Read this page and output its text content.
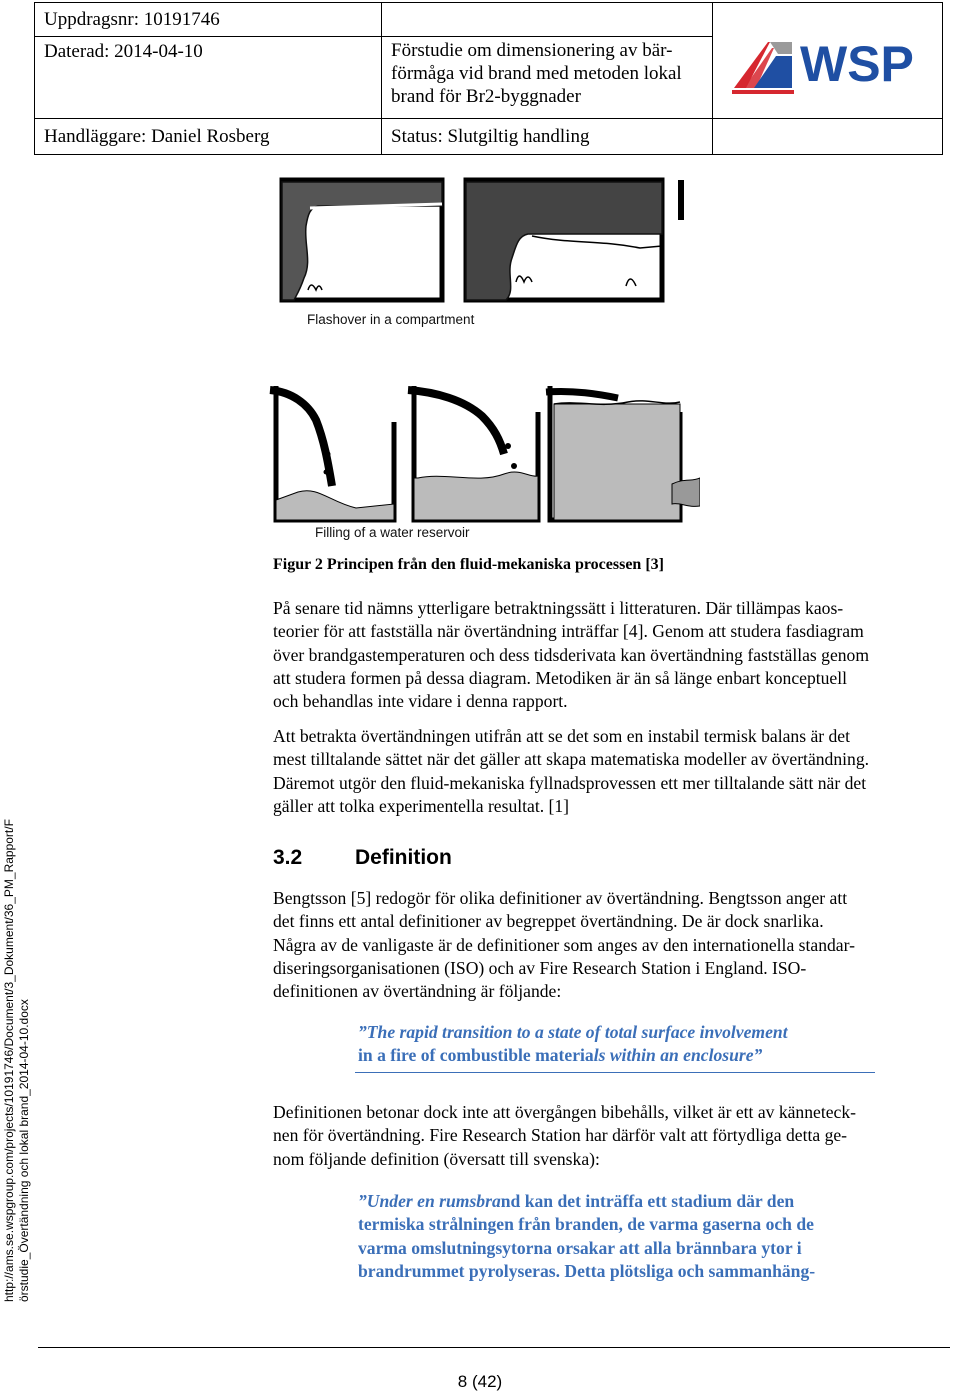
Uppdragsnr: 10191746		WSP

Daterad: 2014-04-10	Förstudie om dimensionering av bär-
förmåga vid brand med metoden lokal
brand för Br2-byggnader	

Handläggare: Daniel Rosberg	Status: Slutgiltig handling	
Flashover in a compartment
Filling of a water reservoir
Figur 2 Principen från den fluid-mekaniska processen [3]
På senare tid nämns ytterligare betraktningssätt i litteraturen. Där tillämpas kaos-
teorier för att fastställa när övertändning inträffar [4]. Genom att studera fasdiagram
över brandgastemperaturen och dess tidsderivata kan övertändning fastställas genom
att studera formen på dessa diagram. Metodiken är än så länge enbart konceptuell
och behandlas inte vidare i denna rapport.
Att betrakta övertändningen utifrån att se det som en instabil termisk balans är det
mest tilltalande sättet när det gäller att skapa matematiska modeller av övertändning.
Däremot utgör den fluid-mekaniska fyllnadsprovessen ett mer tilltalande sätt när det
gäller att tolka experimentella resultat. [1]
3.2	Definition
Bengtsson [5] redogör för olika definitioner av övertändning. Bengtsson anger att
det finns ett antal definitioner av begreppet övertändning. De är dock snarlika.
Några av de vanligaste är de definitioner som anges av den internationella standar-
diseringsorganisationen (ISO) och av Fire Research Station i England. ISO-
definitionen av övertändning är följande:
”The rapid transition to a state of total surface involvement
in a fire of combustible materials within an enclosure”
Definitionen betonar dock inte att övergången bibehålls, vilket är ett av känneteck-
nen för övertändning. Fire Research Station har därför valt att förtydliga detta ge-
nom följande definition (översatt till svenska):
”Under en rumsbrand kan det inträffa ett stadium där den
termiska strålningen från branden, de varma gaserna och de
varma omslutningsytorna orsakar att alla brännbara ytor i
brandrummet pyrolyseras. Detta plötsliga och sammanhäng-
http://ams.se.wspgroup.com/projects/10191746/Document/3_Dokument/36_PM_Rapport/F örstudie_Övertändning och lokal brand_2014-04-10.docx
8 (42)
